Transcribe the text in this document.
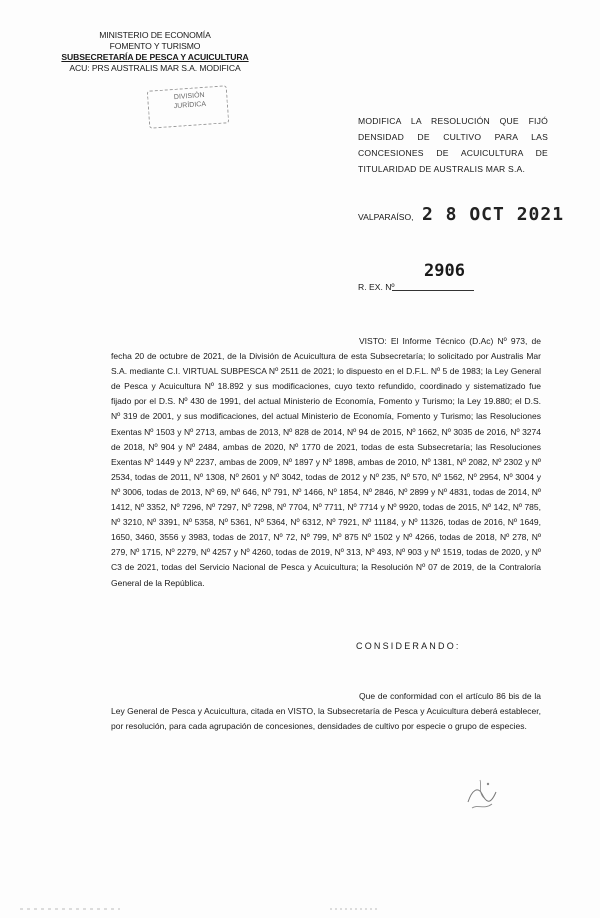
MINISTERIO DE ECONOMÍA
FOMENTO Y TURISMO
SUBSECRETARÍA DE PESCA Y ACUICULTURA
ACU: PRS AUSTRALIS MAR S.A. MODIFICA
DIVISIÓN
JURÍDICA
MODIFICA LA RESOLUCIÓN QUE FIJÓ
DENSIDAD DE CULTIVO PARA LAS
CONCESIONES DE ACUICULTURA DE
TITULARIDAD DE AUSTRALIS MAR S.A.
VALPARAÍSO, 2 8 OCT 2021
R. EX. Nº
2906
VISTO: El Informe Técnico (D.Ac) Nº 973, de fecha 20 de octubre de 2021, de la División de Acuicultura de esta Subsecretaría; lo solicitado por Australis Mar S.A. mediante C.I. VIRTUAL SUBPESCA Nº 2511 de 2021; lo dispuesto en el D.F.L. Nº 5 de 1983; la Ley General de Pesca y Acuicultura Nº 18.892 y sus modificaciones, cuyo texto refundido, coordinado y sistematizado fue fijado por el D.S. Nº 430 de 1991, del actual Ministerio de Economía, Fomento y Turismo; la Ley 19.880; el D.S. Nº 319 de 2001, y sus modificaciones, del actual Ministerio de Economía, Fomento y Turismo; las Resoluciones Exentas Nº 1503 y Nº 2713, ambas de 2013, Nº 828 de 2014, Nº 94 de 2015, Nº 1662, Nº 3035 de 2016, Nº 3274 de 2018, Nº 904 y Nº 2484, ambas de 2020, Nº 1770 de 2021, todas de esta Subsecretaría; las Resoluciones Exentas Nº 1449 y Nº 2237, ambas de 2009, Nº 1897 y Nº 1898, ambas de 2010, Nº 1381, Nº 2082, Nº 2302 y Nº 2534, todas de 2011, Nº 1308, Nº 2601 y Nº 3042, todas de 2012 y Nº 235, Nº 570, Nº 1562, Nº 2954, Nº 3004 y Nº 3006, todas de 2013, Nº 69, Nº 646, Nº 791, Nº 1466, Nº 1854, Nº 2846, Nº 2899 y Nº 4831, todas de 2014, Nº 1412, Nº 3352, Nº 7296, Nº 7297, Nº 7298, Nº 7704, Nº 7711, Nº 7714 y Nº 9920, todas de 2015, Nº 142, Nº 785, Nº 3210, Nº 3391, Nº 5358, Nº 5361, Nº 5364, Nº 6312, Nº 7921, Nº 11184, y Nº 11326, todas de 2016, Nº 1649, 1650, 3460, 3556 y 3983, todas de 2017, Nº 72, Nº 799, Nº 875 Nº 1502 y Nº 4266, todas de 2018, Nº 278, Nº 279, Nº 1715, Nº 2279, Nº 4257 y Nº 4260, todas de 2019, Nº 313, Nº 493, Nº 903 y Nº 1519, todas de 2020, y Nº C3 de 2021, todas del Servicio Nacional de Pesca y Acuicultura; la Resolución Nº 07 de 2019, de la Contraloría General de la República.
CONSIDERANDO:
Que de conformidad con el artículo 86 bis de la Ley General de Pesca y Acuicultura, citada en VISTO, la Subsecretaría de Pesca y Acuicultura deberá establecer, por resolución, para cada agrupación de concesiones, densidades de cultivo por especie o grupo de especies.
